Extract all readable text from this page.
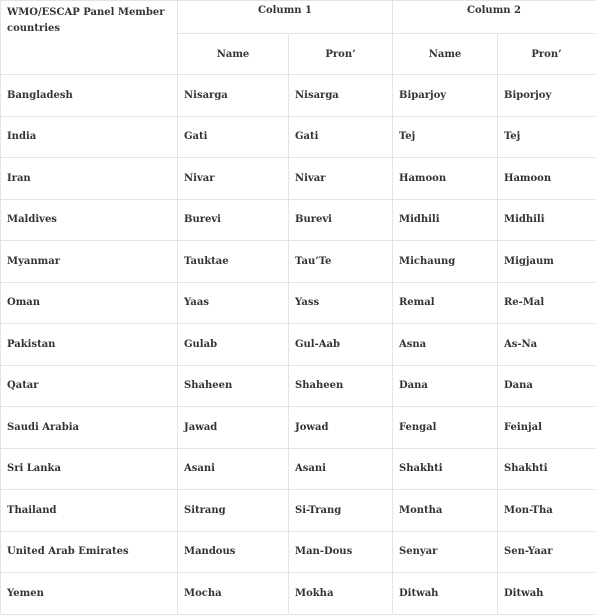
WMO/ESCAP Panel Member countries	Column 1		Column 2	
	Name	Pron’	Name	Pron’
Bangladesh	Nisarga	Nisarga	Biparjoy	Biporjoy
India	Gati	Gati	Tej	Tej
Iran	Nivar	Nivar	Hamoon	Hamoon
Maldives	Burevi	Burevi	Midhili	Midhili
Myanmar	Tauktae	Tau’Te	Michaung	Migjaum
Oman	Yaas	Yass	Remal	Re-Mal
Pakistan	Gulab	Gul-Aab	Asna	As-Na
Qatar	Shaheen	Shaheen	Dana	Dana
Saudi Arabia	Jawad	Jowad	Fengal	Feinjal
Sri Lanka	Asani	Asani	Shakhti	Shakhti
Thailand	Sitrang	Si-Trang	Montha	Mon-Tha
United Arab Emirates	Mandous	Man-Dous	Senyar	Sen-Yaar
Yemen	Mocha	Mokha	Ditwah	Ditwah
